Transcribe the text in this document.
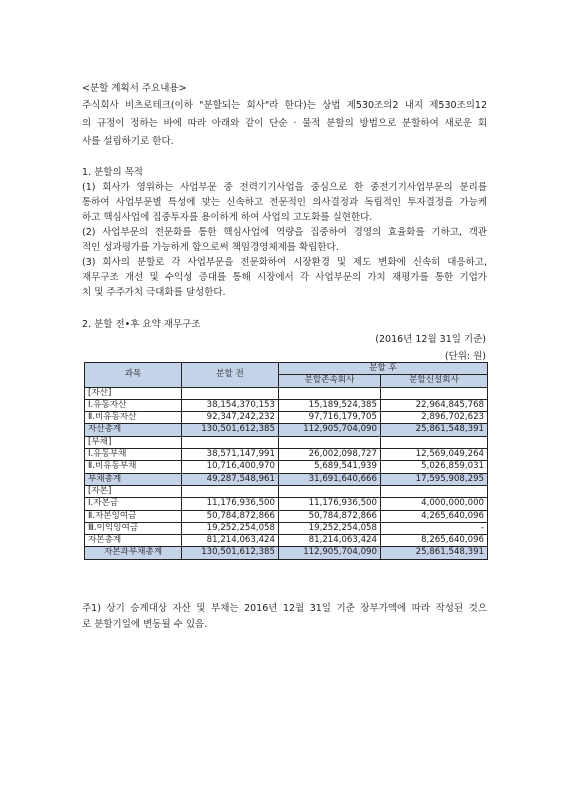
<분할 계획서 주요내용>
주식회사 비츠로테크(이하 "분할되는 회사"라 한다)는 상법 제530조의2 내지 제530조의12
의 규정이 정하는 바에 따라 아래와 같이 단순 · 물적 분할의 방법으로 분할하여 새로운 회
사를 설립하기로 한다.
1. 분할의 목적
(1) 회사가 영위하는 사업부문 중 전력기기사업을 중심으로 한 중전기기사업부문의 분리를
통하여 사업부문별 특성에 맞는 신속하고 전문적인 의사결정과 독립적인 투자결정을 가능케
하고 핵심사업에 집중투자를 용이하게 하여 사업의 고도화를 실현한다.
(2) 사업부문의 전문화를 통한 핵심사업에 역량을 집중하여 경영의 효율화를 기하고, 객관
적인 성과평가를 가능하게 함으로써 책임경영체제를 확립한다.
(3) 회사의 분할로 각 사업부문을 전문화하여 시장환경 및 제도 변화에 신속히 대응하고,
재무구조 개선 및 수익성 증대를 통해 시장에서 각 사업부문의 가치 재평가를 통한 기업가
치 및 주주가치 극대화를 달성한다.
2. 분할 전•후 요약 재무구조
(2016년 12월 31일 기준)
(단위: 원)
과목	분할 전	분할 후	
		분할존속회사	분할신설회사
[자산]			
Ⅰ.유동자산	38,154,370,153	15,189,524,385	22,964,845,768
Ⅱ.비유동자산	92,347,242,232	97,716,179,705	2,896,702,623
자산총계	130,501,612,385	112,905,704,090	25,861,548,391
[부채]			
Ⅰ.유동부채	38,571,147,991	26,002,098,727	12,569,049,264
Ⅱ.비유동부채	10,716,400,970	5,689,541,939	5,026,859,031
부채총계	49,287,548,961	31,691,640,666	17,595,908,295
[자본]			
Ⅰ.자본금	11,176,936,500	11,176,936,500	4,000,000,000
Ⅱ.자본잉여금	50,784,872,866	50,784,872,866	4,265,640,096
Ⅲ.이익잉여금	19,252,254,058	19,252,254,058	-
자본총계	81,214,063,424	81,214,063,424	8,265,640,096
자본과부채총계	130,501,612,385	112,905,704,090	25,861,548,391
주1) 상기 승계대상 자산 및 부채는 2016년 12월 31일 기준 장부가액에 따라 작성된 것으
로 분할기일에 변동될 수 있음.
